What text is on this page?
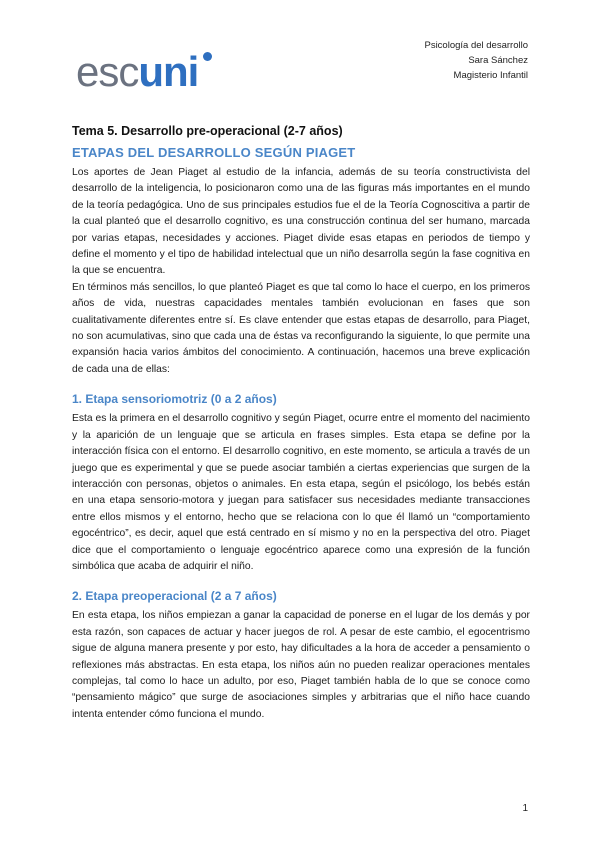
Psicología del desarrollo
Sara Sánchez
Magisterio Infantil
escuni
Tema 5. Desarrollo pre-operacional (2-7 años)
ETAPAS DEL DESARROLLO SEGÚN PIAGET

Los aportes de Jean Piaget al estudio de la infancia, además de su teoría constructivista del desarrollo de la inteligencia, lo posicionaron como una de las figuras más importantes en el mundo de la teoría pedagógica. Uno de sus principales estudios fue el de la Teoría Cognoscitiva a partir de la cual planteó que el desarrollo cognitivo, es una construcción continua del ser humano, marcada por varias etapas, necesidades y acciones. Piaget divide esas etapas en periodos de tiempo y define el momento y el tipo de habilidad intelectual que un niño desarrolla según la fase cognitiva en la que se encuentra.

En términos más sencillos, lo que planteó Piaget es que tal como lo hace el cuerpo, en los primeros años de vida, nuestras capacidades mentales también evolucionan en fases que son cualitativamente diferentes entre sí. Es clave entender que estas etapas de desarrollo, para Piaget, no son acumulativas, sino que cada una de éstas va reconfigurando la siguiente, lo que permite una expansión hacia varios ámbitos del conocimiento. A continuación, hacemos una breve explicación de cada una de ellas:

1. Etapa sensoriomotriz (0 a 2 años)

Esta es la primera en el desarrollo cognitivo y según Piaget, ocurre entre el momento del nacimiento y la aparición de un lenguaje que se articula en frases simples. Esta etapa se define por la interacción física con el entorno. El desarrollo cognitivo, en este momento, se articula a través de un juego que es experimental y que se puede asociar también a ciertas experiencias que surgen de la interacción con personas, objetos o animales. En esta etapa, según el psicólogo, los bebés están en una etapa sensorio-motora y juegan para satisfacer sus necesidades mediante transacciones entre ellos mismos y el entorno, hecho que se relaciona con lo que él llamó un “comportamiento egocéntrico”, es decir, aquel que está centrado en sí mismo y no en la perspectiva del otro. Piaget dice que el comportamiento o lenguaje egocéntrico aparece como una expresión de la función simbólica que acaba de adquirir el niño.

2. Etapa preoperacional (2 a 7 años)

En esta etapa, los niños empiezan a ganar la capacidad de ponerse en el lugar de los demás y por esta razón, son capaces de actuar y hacer juegos de rol. A pesar de este cambio, el egocentrismo sigue de alguna manera presente y por esto, hay dificultades a la hora de acceder a pensamiento o reflexiones más abstractas. En esta etapa, los niños aún no pueden realizar operaciones mentales complejas, tal como lo hace un adulto, por eso, Piaget también habla de lo que se conoce como “pensamiento mágico” que surge de asociaciones simples y arbitrarias que el niño hace cuando intenta entender cómo funciona el mundo.

1
